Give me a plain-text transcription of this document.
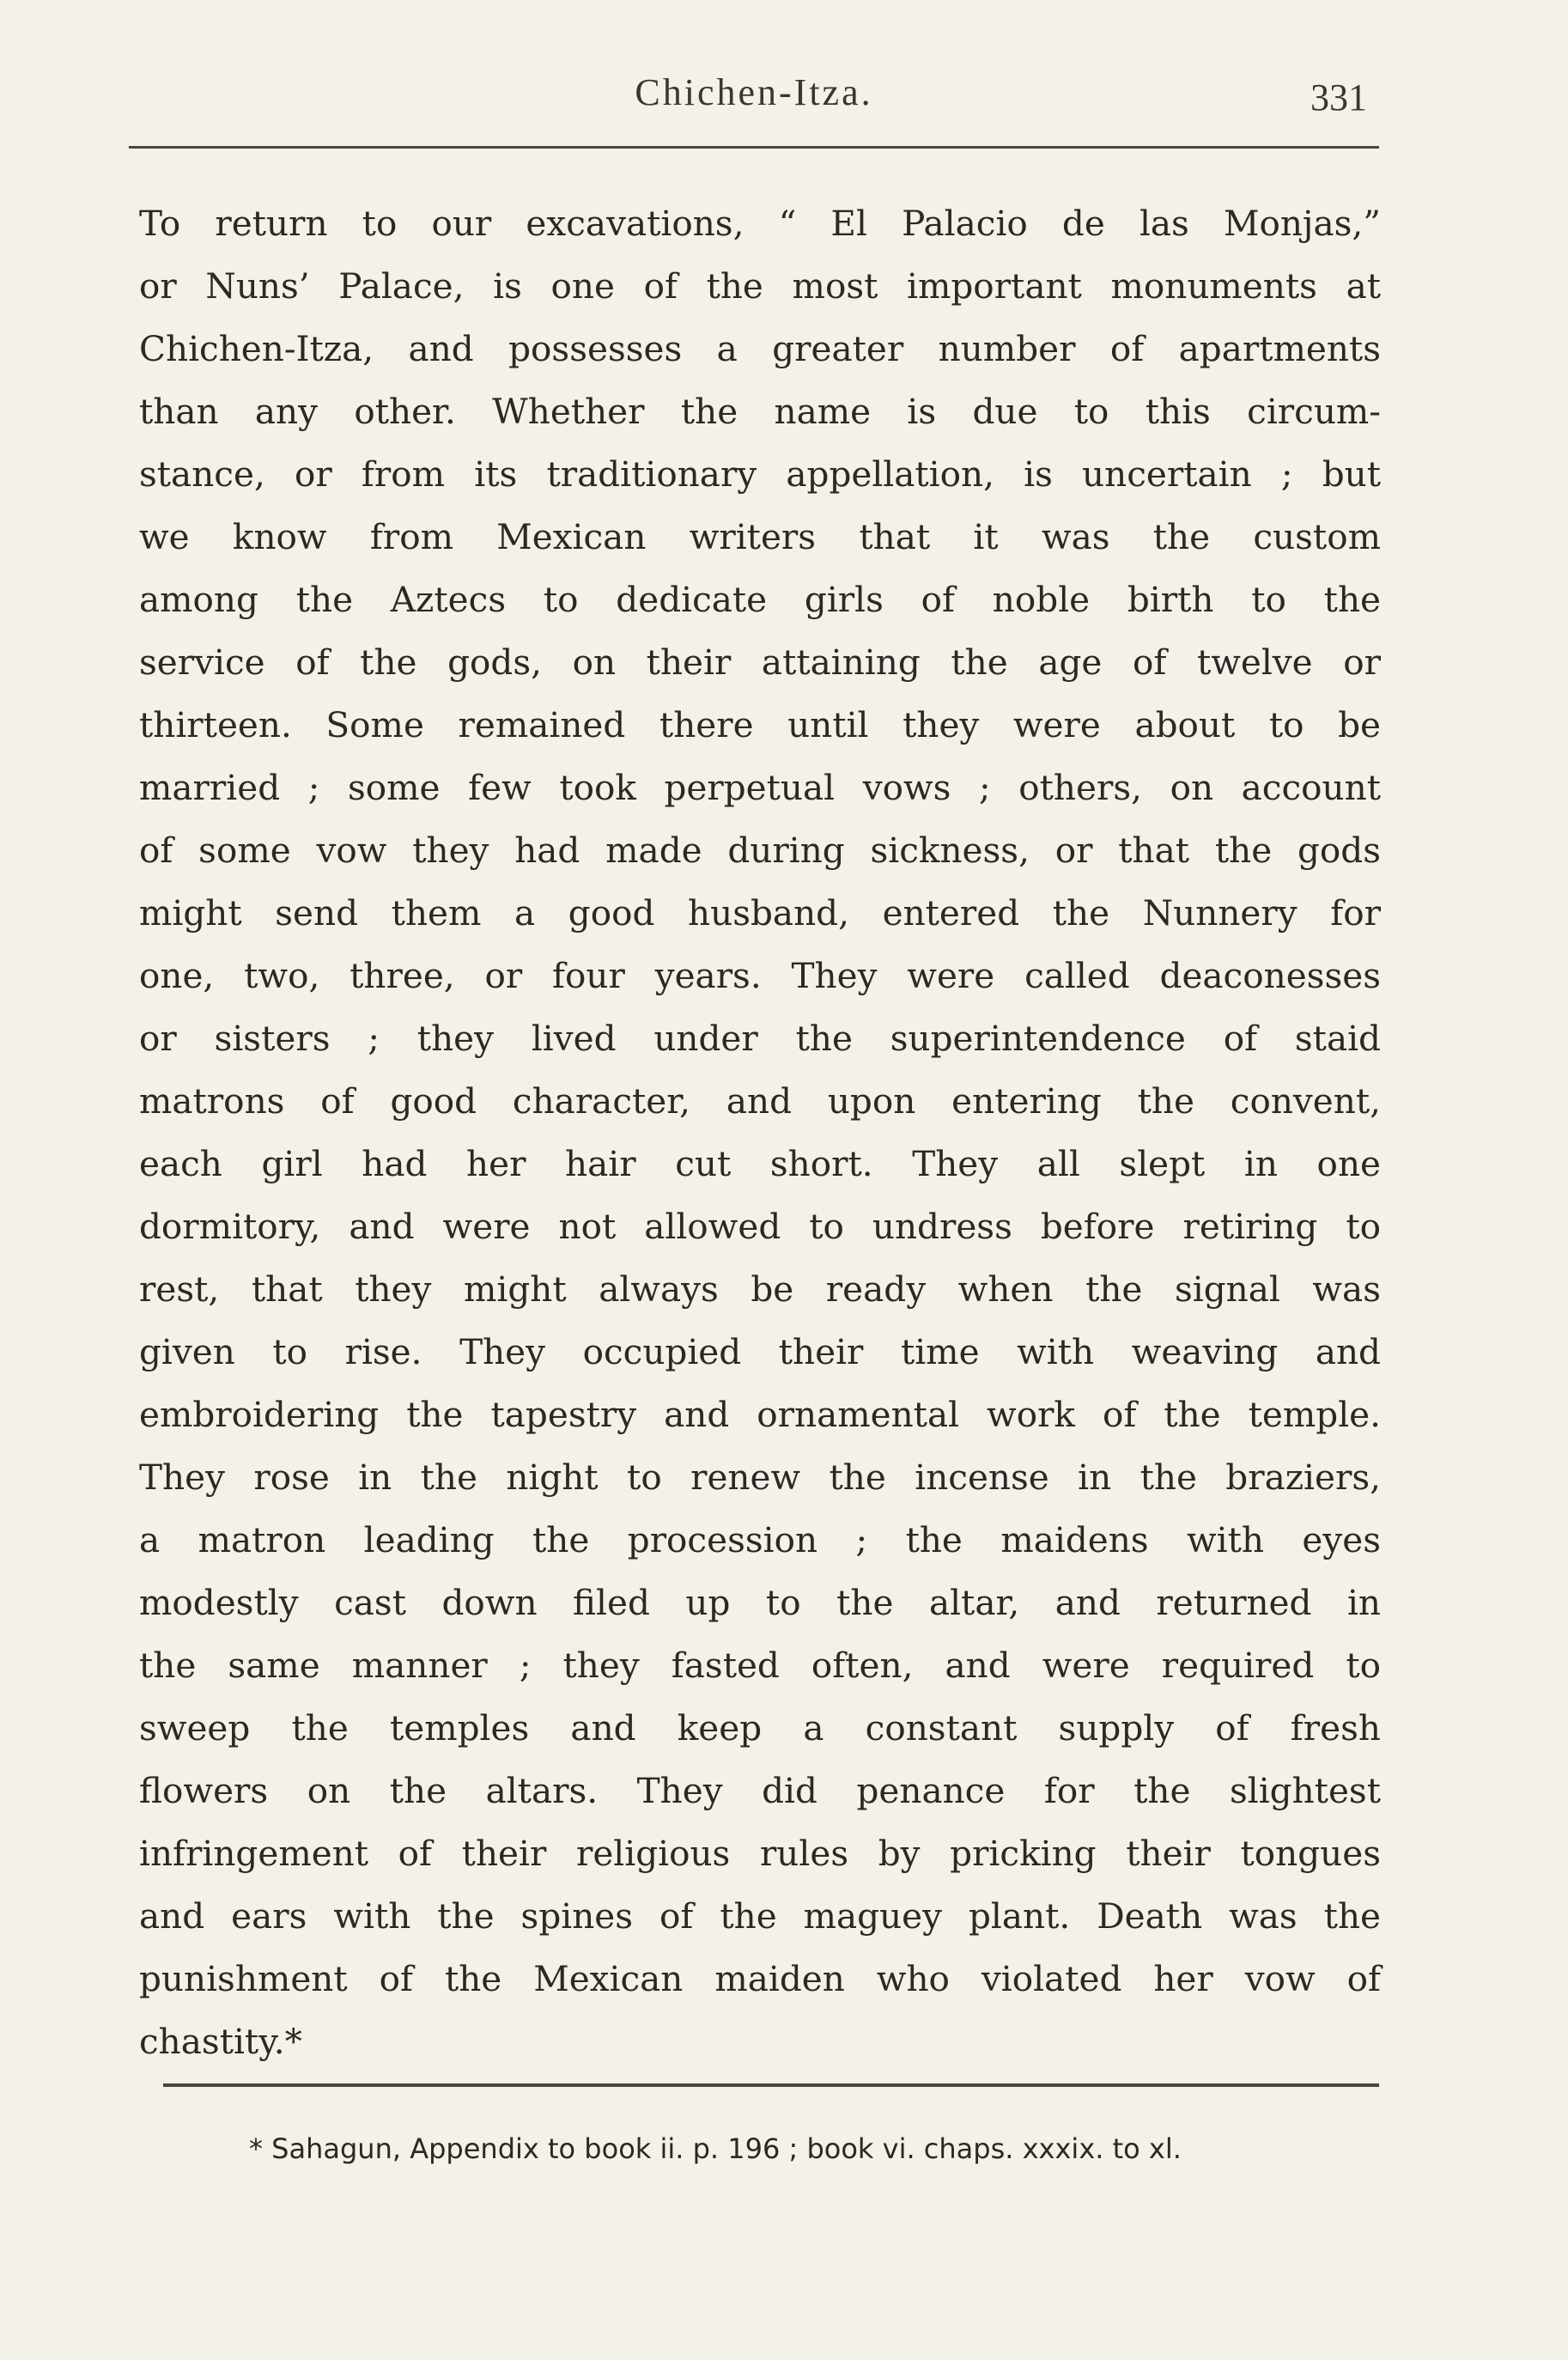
Chichen-Itza.	331
To return to our excavations, “ El Palacio de las Monjas,”
or Nuns’ Palace, is one of the most important monuments at
Chichen-Itza, and possesses a greater number of apartments
than any other. Whether the name is due to this circum-
stance, or from its traditionary appellation, is uncertain ; but
we know from Mexican writers that it was the custom
among the Aztecs to dedicate girls of noble birth to the
service of the gods, on their attaining the age of twelve or
thirteen. Some remained there until they were about to be
married ; some few took perpetual vows ; others, on account
of some vow they had made during sickness, or that the gods
might send them a good husband, entered the Nunnery for
one, two, three, or four years. They were called deaconesses
or sisters ; they lived under the superintendence of staid
matrons of good character, and upon entering the convent,
each girl had her hair cut short. They all slept in one
dormitory, and were not allowed to undress before retiring to
rest, that they might always be ready when the signal was
given to rise. They occupied their time with weaving and
embroidering the tapestry and ornamental work of the temple.
They rose in the night to renew the incense in the braziers,
a matron leading the procession ; the maidens with eyes
modestly cast down filed up to the altar, and returned in
the same manner ; they fasted often, and were required to
sweep the temples and keep a constant supply of fresh
flowers on the altars. They did penance for the slightest
infringement of their religious rules by pricking their tongues
and ears with the spines of the maguey plant. Death was the
punishment of the Mexican maiden who violated her vow of
chastity.*
* Sahagun, Appendix to book ii. p. 196 ; book vi. chaps. xxxix. to xl.
